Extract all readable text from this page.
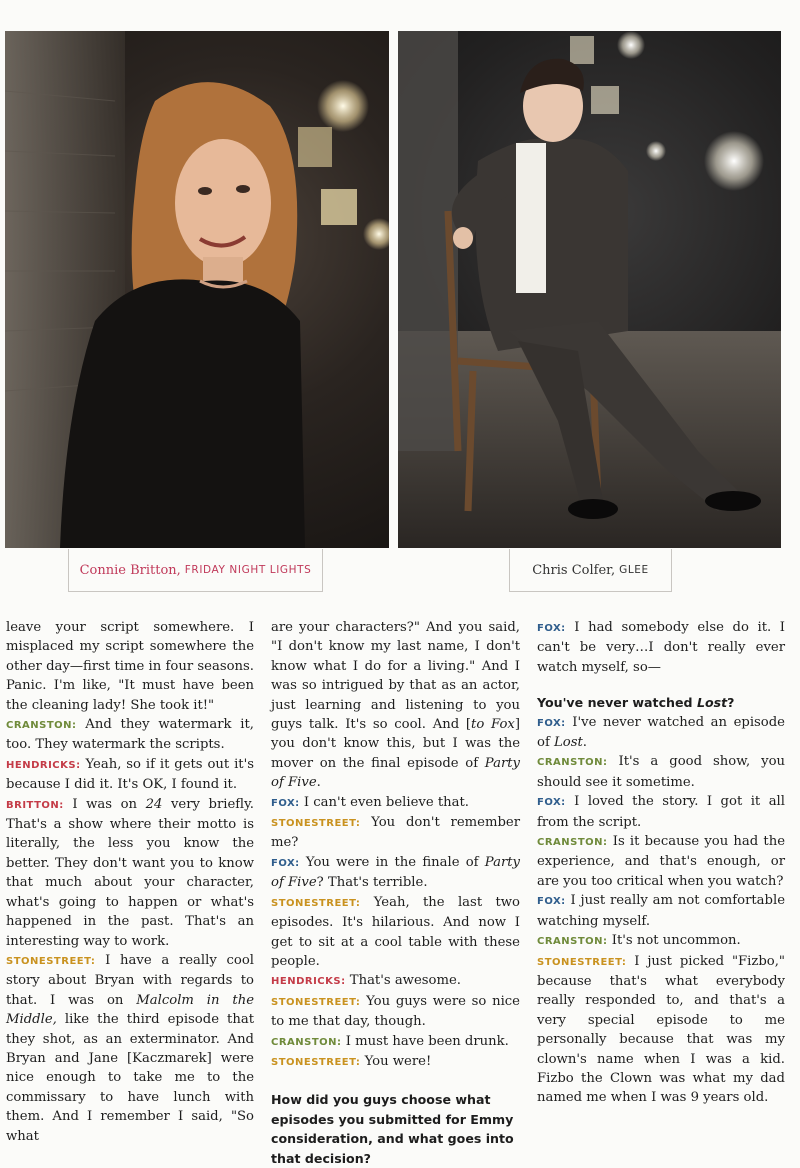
Connie Britton, FRIDAY NIGHT LIGHTS	Chris Colfer, GLEE

leave your script somewhere. I misplaced my script somewhere the other day—first time in four seasons. Panic. I'm like, "It must have been the cleaning lady! She took it!"

CRANSTON: And they watermark it, too. They watermark the scripts.

HENDRICKS: Yeah, so if it gets out it's because I did it. It's OK, I found it.

BRITTON: I was on 24 very briefly. That's a show where their motto is literally, the less you know the better. They don't want you to know that much about your character, what's going to happen or what's happened in the past. That's an interesting way to work.

STONESTREET: I have a really cool story about Bryan with regards to that. I was on Malcolm in the Middle, like the third episode that they shot, as an exterminator. And Bryan and Jane [Kaczmarek] were nice enough to take me to the commissary to have lunch with them. And I remember I said, "So what

are your characters?" And you said, "I don't know my last name, I don't know what I do for a living." And I was so intrigued by that as an actor, just learning and listening to you guys talk. It's so cool. And [to Fox] you don't know this, but I was the mover on the final episode of Party of Five.

FOX: I can't even believe that.

STONESTREET: You don't remember me?

FOX: You were in the finale of Party of Five? That's terrible.

STONESTREET: Yeah, the last two episodes. It's hilarious. And now I get to sit at a cool table with these people.

HENDRICKS: That's awesome.

STONESTREET: You guys were so nice to me that day, though.

CRANSTON: I must have been drunk.

STONESTREET: You were!

How did you guys choose what episodes you submitted for Emmy consideration, and what goes into that decision?

FOX: I had somebody else do it. I can't be very…I don't really ever watch myself, so—

You've never watched Lost?

FOX: I've never watched an episode of Lost.

CRANSTON: It's a good show, you should see it sometime.

FOX: I loved the story. I got it all from the script.

CRANSTON: Is it because you had the experience, and that's enough, or are you too critical when you watch?

FOX: I just really am not comfortable watching myself.

CRANSTON: It's not uncommon.

STONESTREET: I just picked "Fizbo," because that's what everybody really responded to, and that's a very special episode to me personally because that was my clown's name when I was a kid. Fizbo the Clown was what my dad named me when I was 9 years old.
